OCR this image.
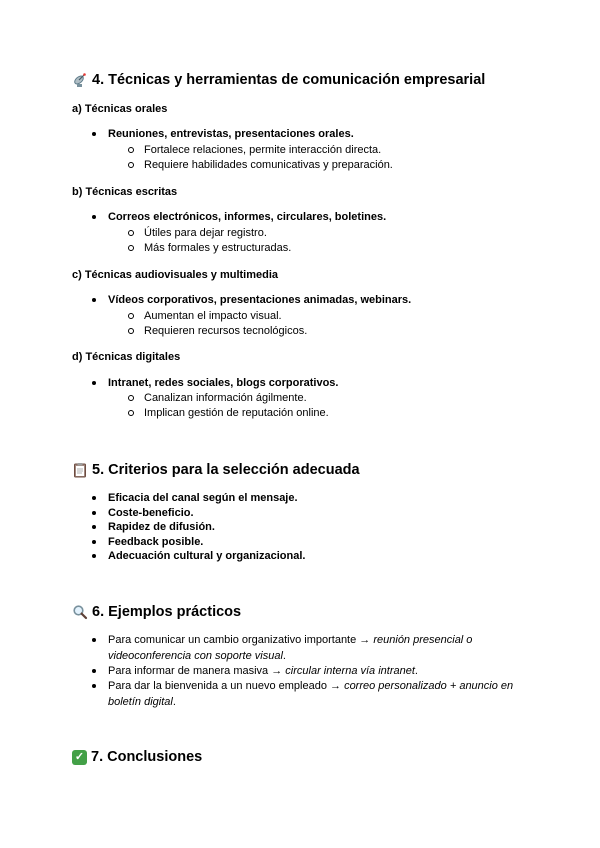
4. Técnicas y herramientas de comunicación empresarial
a) Técnicas orales
Reuniones, entrevistas, presentaciones orales.
Fortalece relaciones, permite interacción directa.
Requiere habilidades comunicativas y preparación.
b) Técnicas escritas
Correos electrónicos, informes, circulares, boletines.
Útiles para dejar registro.
Más formales y estructuradas.
c) Técnicas audiovisuales y multimedia
Vídeos corporativos, presentaciones animadas, webinars.
Aumentan el impacto visual.
Requieren recursos tecnológicos.
d) Técnicas digitales
Intranet, redes sociales, blogs corporativos.
Canalizan información ágilmente.
Implican gestión de reputación online.
5. Criterios para la selección adecuada
Eficacia del canal según el mensaje.
Coste-beneficio.
Rapidez de difusión.
Feedback posible.
Adecuación cultural y organizacional.
6. Ejemplos prácticos
Para comunicar un cambio organizativo importante → reunión presencial o videoconferencia con soporte visual.
Para informar de manera masiva → circular interna vía intranet.
Para dar la bienvenida a un nuevo empleado → correo personalizado + anuncio en boletín digital.
✓ 7. Conclusiones
